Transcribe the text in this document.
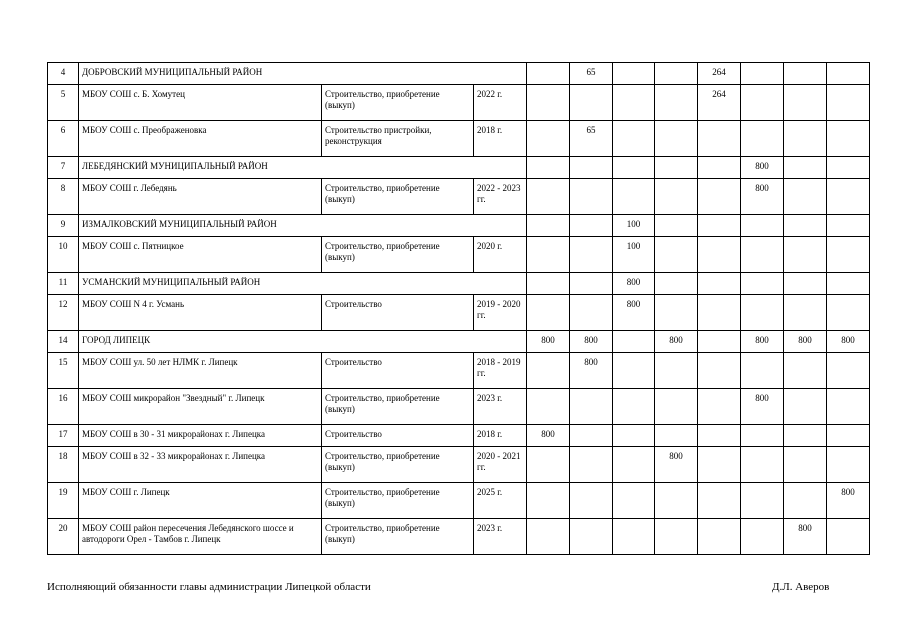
4	ДОБРОВСКИЙ МУНИЦИПАЛЬНЫЙ РАЙОН				65			264			
5	МБОУ СОШ с. Б. Хомутец	Строительство, приобретение (выкуп)	2022 г.					264			
6	МБОУ СОШ с. Преображеновка	Строительство пристройки, реконструкция	2018 г.		65						
7	ЛЕБЕДЯНСКИЙ МУНИЦИПАЛЬНЫЙ РАЙОН								800		
8	МБОУ СОШ г. Лебедянь	Строительство, приобретение (выкуп)	2022 - 2023 гг.						800		
9	ИЗМАЛКОВСКИЙ МУНИЦИПАЛЬНЫЙ РАЙОН					100					
10	МБОУ СОШ с. Пятницкое	Строительство, приобретение (выкуп)	2020 г.			100					
11	УСМАНСКИЙ МУНИЦИПАЛЬНЫЙ РАЙОН					800					
12	МБОУ СОШ N 4 г. Усмань	Строительство	2019 - 2020 гг.			800					
14	ГОРОД ЛИПЕЦК			800	800		800		800	800	800
15	МБОУ СОШ ул. 50 лет НЛМК г. Липецк	Строительство	2018 - 2019 гг.		800						
16	МБОУ СОШ микрорайон "Звездный" г. Липецк	Строительство, приобретение (выкуп)	2023 г.						800		
17	МБОУ СОШ в 30 - 31 микрорайонах г. Липецка	Строительство	2018 г.	800							
18	МБОУ СОШ в 32 - 33 микрорайонах г. Липецка	Строительство, приобретение (выкуп)	2020 - 2021 гг.				800				
19	МБОУ СОШ г. Липецк	Строительство, приобретение (выкуп)	2025 г.								800
20	МБОУ СОШ район пересечения Лебедянского шоссе и автодороги Орел - Тамбов г. Липецк	Строительство, приобретение (выкуп)	2023 г.							800	
Исполняющий обязанности главы администрации Липецкой области	Д.Л. Аверов
